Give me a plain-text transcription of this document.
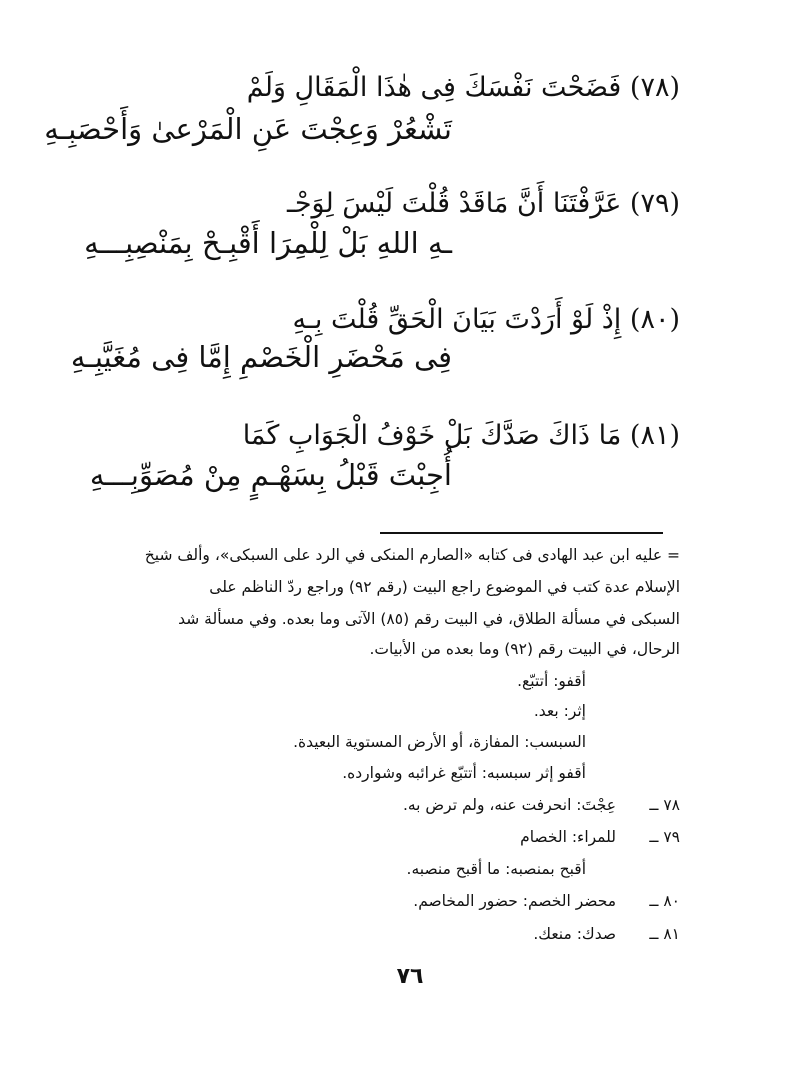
(٧٨) فَضَحْتَ نَفْسَكَ فِى هٰذَا الْمَقَالِ وَلَمْ
تَشْعُرْ وَعِجْتَ عَنِ الْمَرْعىٰ وَأَحْصَبِـهِ
(٧٩) عَرَّفْتَنَا أَنَّ مَاقَدْ قُلْتَ لَيْسَ لِوَجْـ
ـهِ اللهِ بَلْ لِلْمِرَا أَقْبِـحْ بِمَنْصِبِـــهِ
(٨٠) إِذْ لَوْ أَرَدْتَ بَيَانَ الْحَقِّ قُلْتَ بِـهِ
فِى مَحْضَرِ الْخَصْمِ إِمَّا فِى مُغَيَّبِـهِ
(٨١) مَا ذَاكَ صَدَّكَ بَلْ خَوْفُ الْجَوَابِ كَمَا
أُجِبْتَ قَبْلُ بِسَهْـمٍ مِنْ مُصَوِّبِـــهِ
= عليه ابن عبد الهادى فى كتابه «الصارم المنكى في الرد على السبكى»، وألف شيخ
الإسلام عدة كتب في الموضوع راجع البيت (رقم ٩٢) وراجع ردّ الناظم على
السبكى في مسألة الطلاق، في البيت رقم (٨٥) الآتى وما بعده. وفي مسألة شد
الرحال، في البيت رقم (٩٢) وما بعده من الأبيات.
أقفو: أتتبّع.
إثر: بعد.
السبسب: المفازة، أو الأرض المستوية البعيدة.
أقفو إثر سبسبه: أتتبّع غرائبه وشوارده.
٧٨ ــ
عِجْتَ: انحرفت عنه، ولم ترض به.
٧٩ ــ
للمراء: الخصام
أقبح بمنصبه: ما أقبح منصبه.
٨٠ ــ
محضر الخصم: حضور المخاصم.
٨١ ــ
صدك: منعك.
٧٦
